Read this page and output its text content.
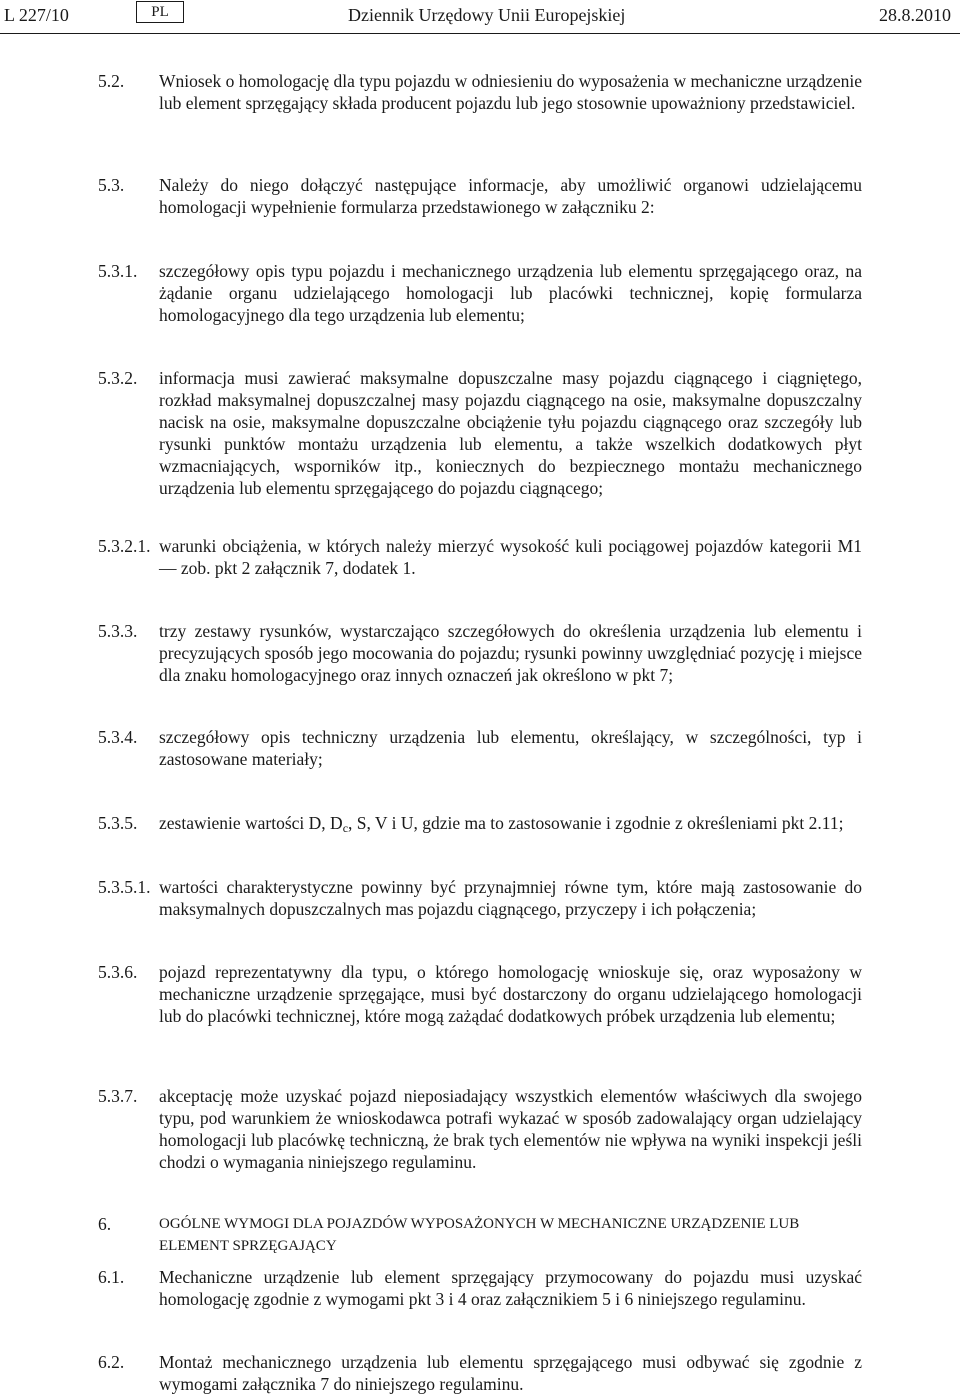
L 227/10	PL	Dziennik Urzędowy Unii Europejskiej	28.8.2010
5.2. Wniosek o homologację dla typu pojazdu w odniesieniu do wyposażenia w mechaniczne urządzenie lub element sprzęgający składa producent pojazdu lub jego stosownie upoważniony przedstawiciel.
5.3. Należy do niego dołączyć następujące informacje, aby umożliwić organowi udzielającemu homologacji wypełnienie formularza przedstawionego w załączniku 2:
5.3.1. szczegółowy opis typu pojazdu i mechanicznego urządzenia lub elementu sprzęgającego oraz, na żądanie organu udzielającego homologacji lub placówki technicznej, kopię formularza homologacyjnego dla tego urządzenia lub elementu;
5.3.2. informacja musi zawierać maksymalne dopuszczalne masy pojazdu ciągnącego i ciągniętego, rozkład maksymalnej dopuszczalnej masy pojazdu ciągnącego na osie, maksymalne dopuszczalny nacisk na osie, maksymalne dopuszczalne obciążenie tyłu pojazdu ciągnącego oraz szczegóły lub rysunki punktów montażu urządzenia lub elementu, a także wszelkich dodatkowych płyt wzmacniających, wsporników itp., koniecznych do bezpiecznego montażu mechanicznego urządzenia lub elementu sprzęgającego do pojazdu ciągnącego;
5.3.2.1. warunki obciążenia, w których należy mierzyć wysokość kuli pociągowej pojazdów kategorii M1 — zob. pkt 2 załącznik 7, dodatek 1.
5.3.3. trzy zestawy rysunków, wystarczająco szczegółowych do określenia urządzenia lub elementu i precyzujących sposób jego mocowania do pojazdu; rysunki powinny uwzględniać pozycję i miejsce dla znaku homologacyjnego oraz innych oznaczeń jak określono w pkt 7;
5.3.4. szczegółowy opis techniczny urządzenia lub elementu, określający, w szczególności, typ i zastosowane materiały;
5.3.5. zestawienie wartości D, $D_c$, S, V i U, gdzie ma to zastosowanie i zgodnie z określeniami pkt 2.11;
5.3.5.1. wartości charakterystyczne powinny być przynajmniej równe tym, które mają zastosowanie do maksymalnych dopuszczalnych mas pojazdu ciągnącego, przyczepy i ich połączenia;
5.3.6. pojazd reprezentatywny dla typu, o którego homologację wnioskuje się, oraz wyposażony w mechaniczne urządzenie sprzęgające, musi być dostarczony do organu udzielającego homologacji lub do placówki technicznej, które mogą zażądać dodatkowych próbek urządzenia lub elementu;
5.3.7. akceptację może uzyskać pojazd nieposiadający wszystkich elementów właściwych dla swojego typu, pod warunkiem że wnioskodawca potrafi wykazać w sposób zadowalający organ udzielający homologacji lub placówkę techniczną, że brak tych elementów nie wpływa na wyniki inspekcji jeśli chodzi o wymagania niniejszego regulaminu.
6.	OGÓLNE WYMOGI DLA POJAZDÓW WYPOSAŻONYCH W MECHANICZNE URZĄDZENIE LUB ELEMENT SPRZĘGAJĄCY
6.1. Mechaniczne urządzenie lub element sprzęgający przymocowany do pojazdu musi uzyskać homologację zgodnie z wymogami pkt 3 i 4 oraz załącznikiem 5 i 6 niniejszego regulaminu.
6.2. Montaż mechanicznego urządzenia lub elementu sprzęgającego musi odbywać się zgodnie z wymogami załącznika 7 do niniejszego regulaminu.
